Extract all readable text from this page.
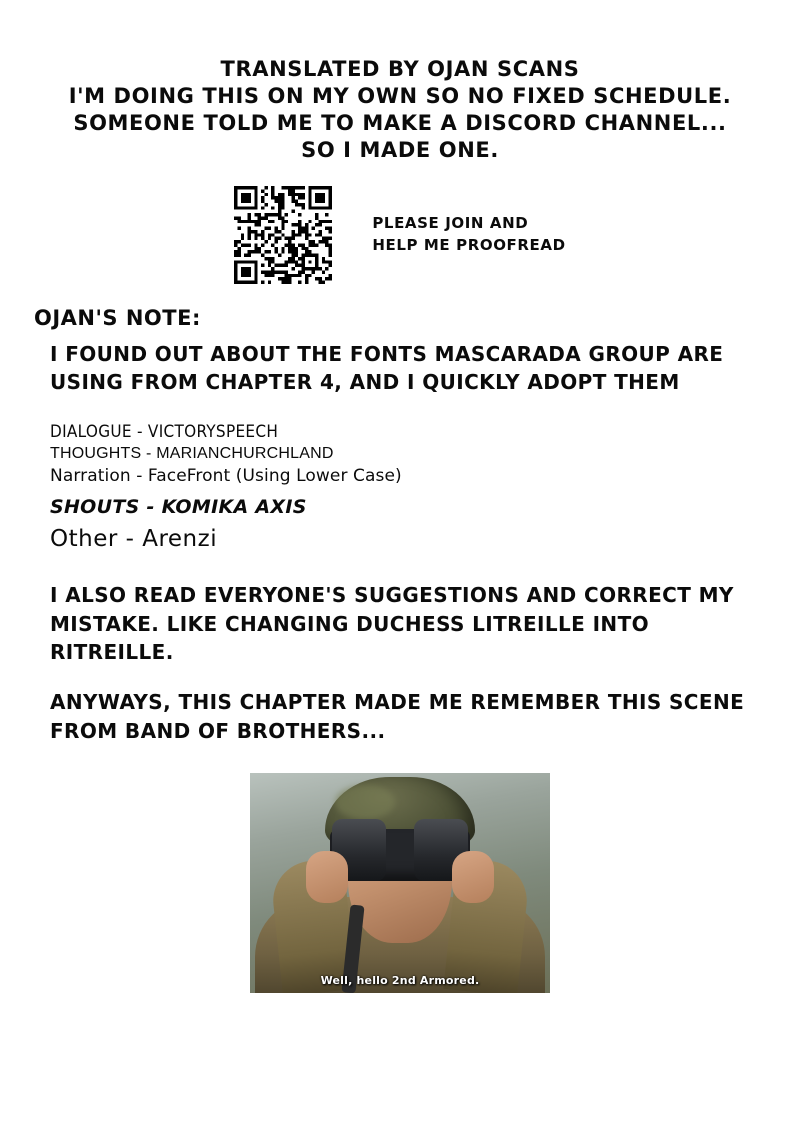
TRANSLATED BY OJAN SCANS
I'M DOING THIS ON MY OWN SO NO FIXED SCHEDULE.
SOMEONE TOLD ME TO MAKE A DISCORD CHANNEL...
SO I MADE ONE.
PLEASE JOIN AND
HELP ME PROOFREAD
OJAN'S NOTE:

I FOUND OUT ABOUT THE FONTS MASCARADA GROUP ARE USING FROM CHAPTER 4, AND I QUICKLY ADOPT THEM

DIALOGUE - VICTORYSPEECH
THOUGHTS - MARIANCHURCHLAND
Narration - FaceFront (Using Lower Case)
SHOUTS - KOMIKA AXIS
Other - Arenzi

I ALSO READ EVERYONE'S SUGGESTIONS AND CORRECT MY MISTAKE. LIKE CHANGING DUCHESS LITREILLE INTO RITREILLE.

ANYWAYS, THIS CHAPTER MADE ME REMEMBER THIS SCENE FROM BAND OF BROTHERS...

Well, hello 2nd Armored.
